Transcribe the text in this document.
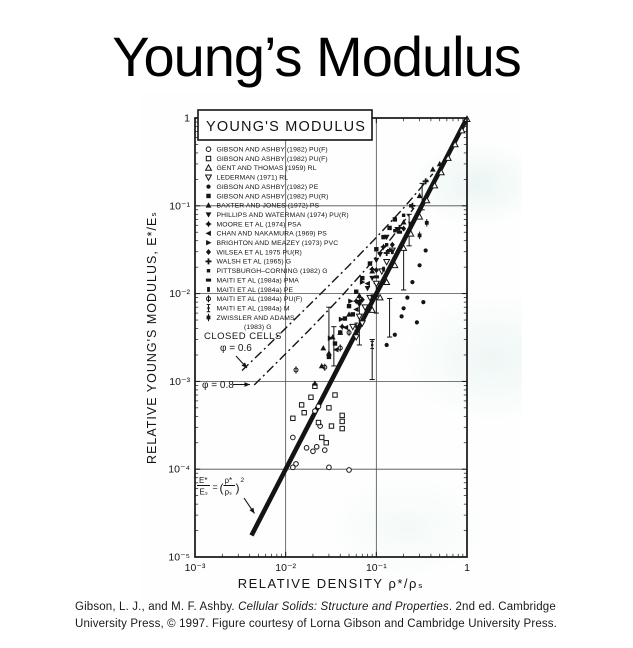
Young’s Modulus
10⁻³	10⁻²	10⁻¹	1
1
10⁻¹
10⁻²
10⁻³
10⁻⁴
10⁻⁵
RELATIVE DENSITY ρ*/ρₛ
RELATIVE YOUNG'S MODULUS, E*/Eₛ
YOUNG'S MODULUS
GIBSON AND ASHBY (1982) PU(F)
GIBSON AND ASHBY (1982) PU(F)
GENT AND THOMAS (1959) RL
LEDERMAN (1971) RL
GIBSON AND ASHBY (1982) PE
GIBSON AND ASHBY (1982) PU(R)
BAXTER AND JONES (1972) PS
PHILLIPS AND WATERMAN (1974) PU(R)
MOORE ET AL (1974) PSA
CHAN AND NAKAMURA (1969) PS
BRIGHTON AND MEAZEY (1973) PVC
WILSEA ET AL 1975 PU(R)
WALSH ET AL (1965) G
PITTSBURGH–CORNING (1982) G
MAITI ET AL (1984a) PMA
MAITI ET AL (1984a) PE
MAITI ET AL (1984a) PU(F)
MAITI ET AL (1984a) M
ZWISSLER AND ADAMS
(1983) G
CLOSED CELLS
φ = 0.6
φ = 0.8
E*
Eₛ = (
ρ*
ρₛ )
2

Gibson, L. J., and M. F. Ashby. Cellular Solids: Structure and Properties. 2nd ed. Cambridge
University Press, © 1997. Figure courtesy of Lorna Gibson and Cambridge University Press.
